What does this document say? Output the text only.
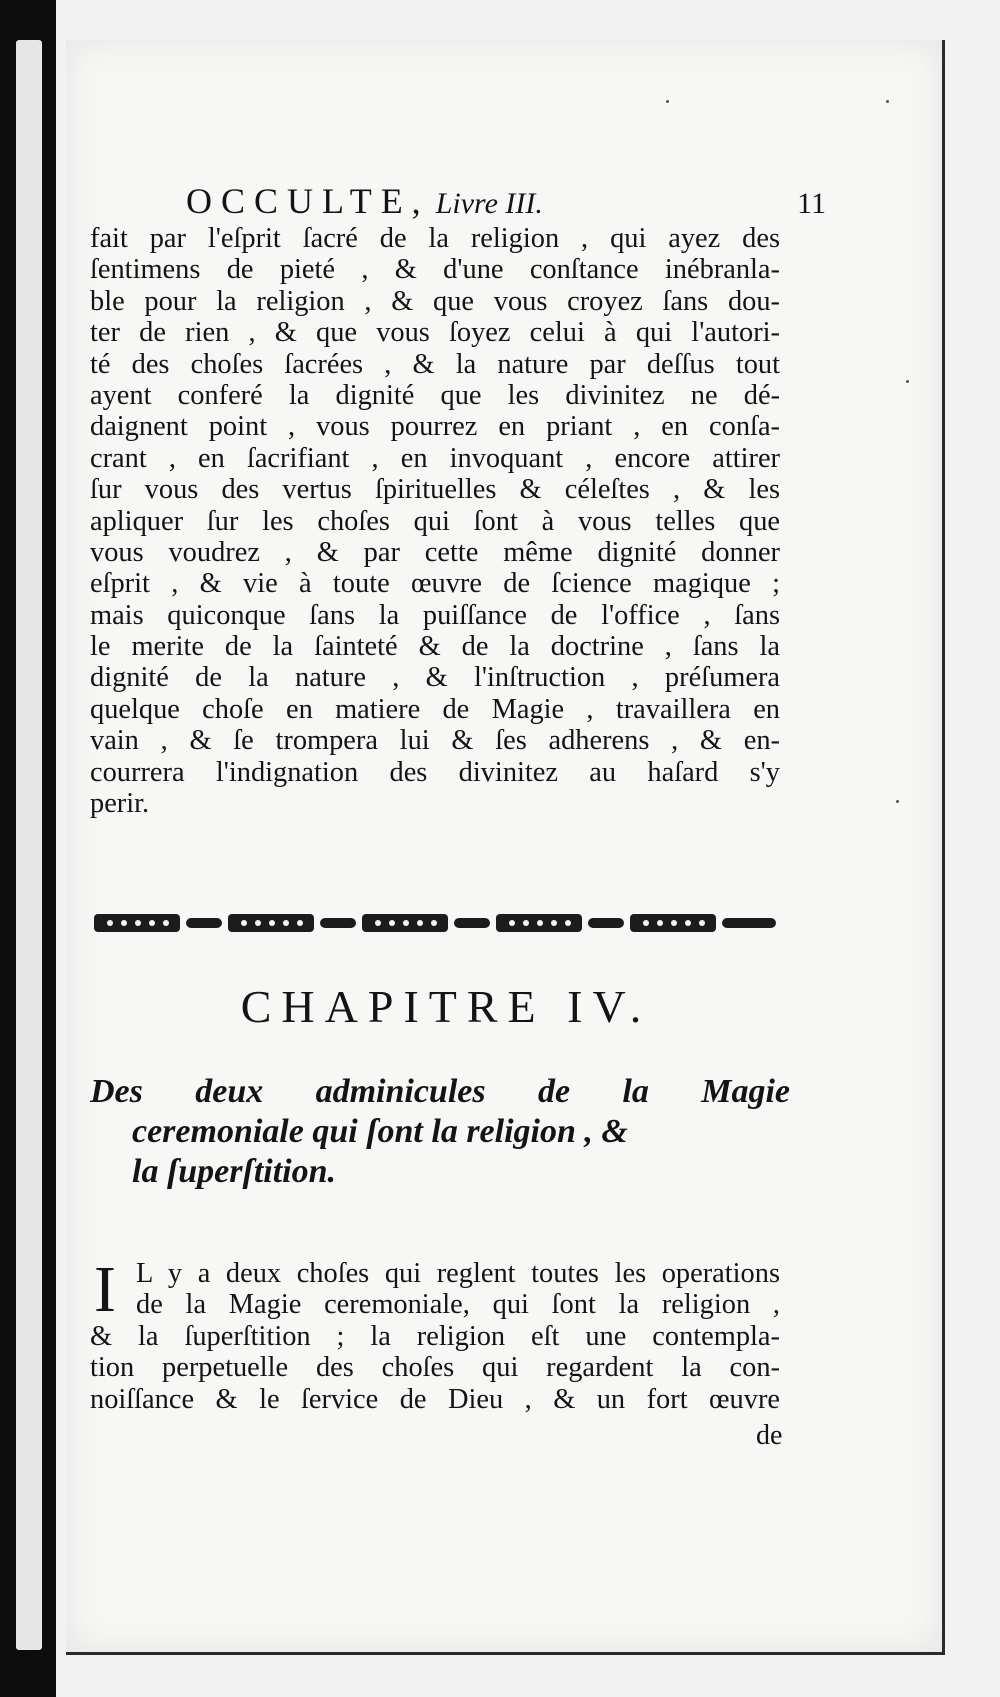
OCCULTE, Livre III.	11
fait par l'eſprit ſacré de la religion , qui ayez des
ſentimens de pieté , & d'une conſtance inébranla-
ble pour la religion , & que vous croyez ſans dou-
ter de rien , & que vous ſoyez celui à qui l'autori-
té des choſes ſacrées , & la nature par deſſus tout
ayent conferé la dignité que les divinitez ne dé-
daignent point , vous pourrez en priant , en conſa-
crant , en ſacrifiant , en invoquant , encore attirer
ſur vous des vertus ſpirituelles & céleſtes , & les
apliquer ſur les choſes qui ſont à vous telles que
vous voudrez , & par cette même dignité donner
eſprit , & vie à toute œuvre de ſcience magique ;
mais quiconque ſans la puiſſance de l'office , ſans
le merite de la ſainteté & de la doctrine , ſans la
dignité de la nature , & l'inſtruction , préſumera
quelque choſe en matiere de Magie , travaillera en
vain , & ſe trompera lui & ſes adherens , & en-
courrera l'indignation des divinitez au haſard s'y
perir.
CHAPITRE IV.
Des deux adminicules de la Magie
ceremoniale qui ſont la religion , &
la ſuperſtition.
I L y a deux choſes qui reglent toutes les operations
de la Magie ceremoniale, qui ſont la religion ,
& la ſuperſtition ; la religion eſt une contempla-
tion perpetuelle des choſes qui regardent la con-
noiſſance & le ſervice de Dieu , & un fort œuvre
de
